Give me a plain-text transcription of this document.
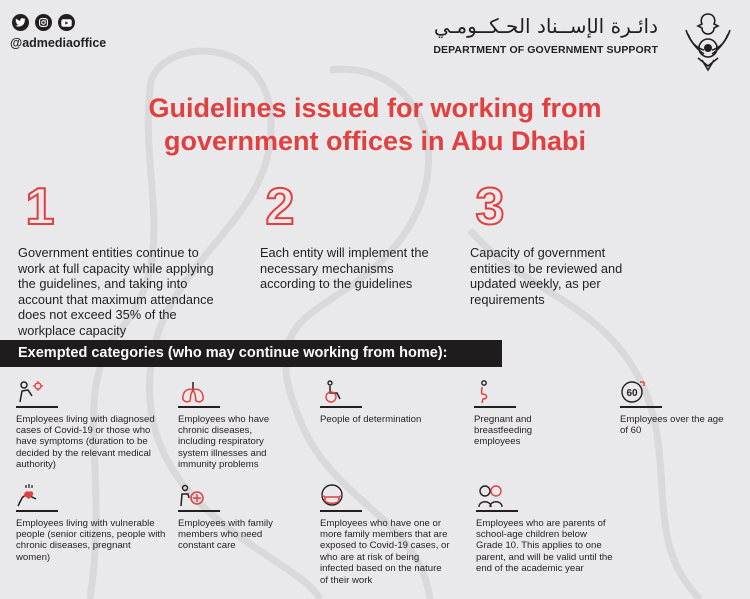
@admediaoffice
دائـرة الإســناد الحـكــومـي
DEPARTMENT OF GOVERNMENT SUPPORT
Guidelines issued for working from
government offices in Abu Dhabi
1
Government entities continue to work at full capacity while applying the guidelines, and taking into account that maximum attendance does not exceed 35% of the workplace capacity
2
Each entity will implement the necessary mechanisms according to the guidelines
3
Capacity of government entities to be reviewed and updated weekly, as per requirements
Exempted categories (who may continue working from home):
Employees living with diagnosed cases of Covid-19 or those who have symptoms (duration to be decided by the relevant medical authority)
Employees who have chronic diseases, including respiratory system illnesses and immunity problems
People of determination	Pregnant and breastfeeding employees
60
Employees over the age of 60
Employees living with vulnerable people (senior citizens, people with chronic diseases, pregnant women)
Employees with family members who need constant care
Employees who have one or more family members that are exposed to Covid-19 cases, or who are at risk of being infected based on the nature of their work
Employees who are parents of school-age children below Grade 10. This applies to one parent, and will be valid until the end of the academic year
